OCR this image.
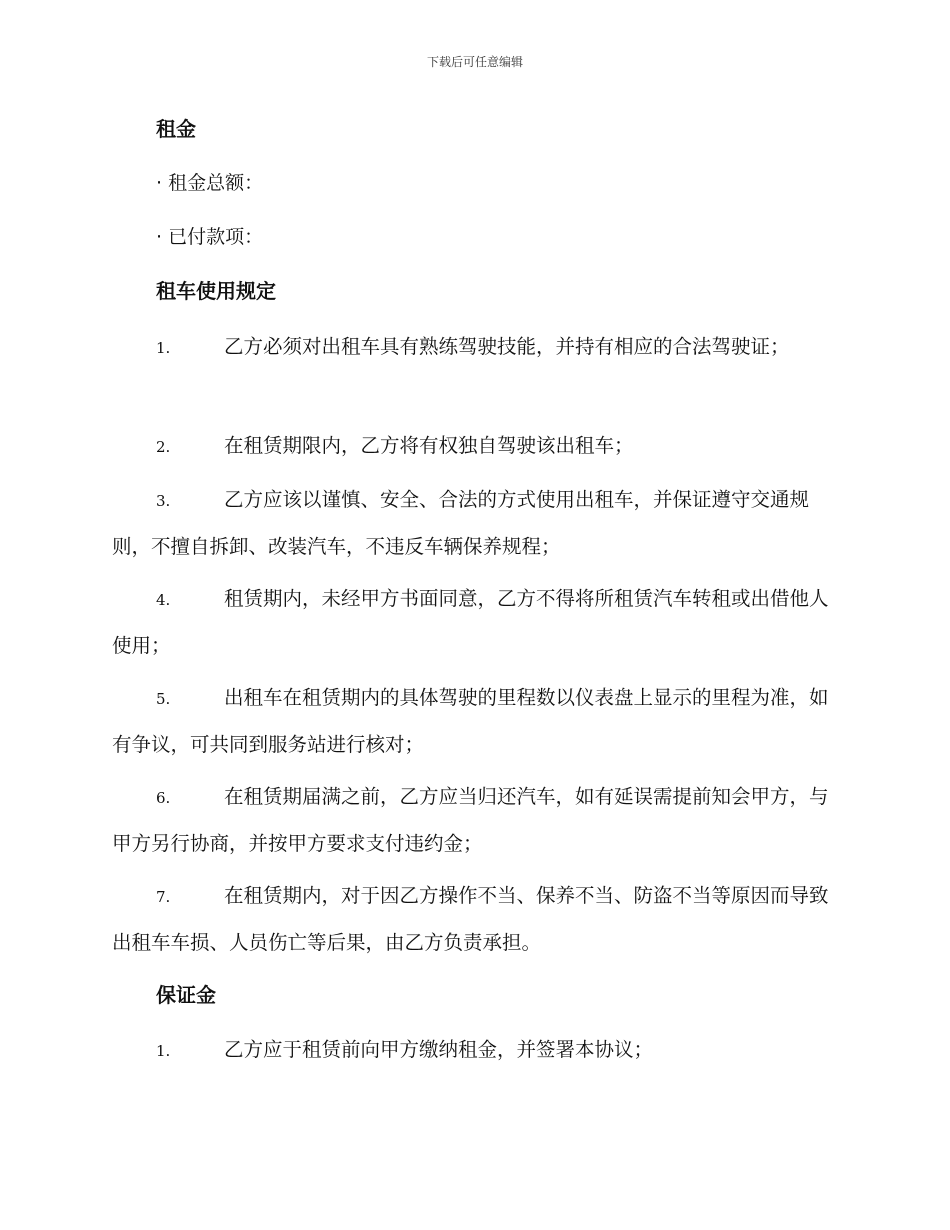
下载后可任意编辑
租金
· 租金总额：
· 已付款项：
租车使用规定
1.	乙方必须对出租车具有熟练驾驶技能，并持有相应的合法驾驶证；
2.	在租赁期限内，乙方将有权独自驾驶该出租车；
3.	乙方应该以谨慎、安全、合法的方式使用出租车，并保证遵守交通规则，不擅自拆卸、改装汽车，不违反车辆保养规程；
4.	租赁期内，未经甲方书面同意，乙方不得将所租赁汽车转租或出借他人使用；
5.	出租车在租赁期内的具体驾驶的里程数以仪表盘上显示的里程为准，如有争议，可共同到服务站进行核对；
6.	在租赁期届满之前，乙方应当归还汽车，如有延误需提前知会甲方，与甲方另行协商，并按甲方要求支付违约金；
7.	在租赁期内，对于因乙方操作不当、保养不当、防盗不当等原因而导致出租车车损、人员伤亡等后果，由乙方负责承担。
保证金
1.	乙方应于租赁前向甲方缴纳租金，并签署本协议；
